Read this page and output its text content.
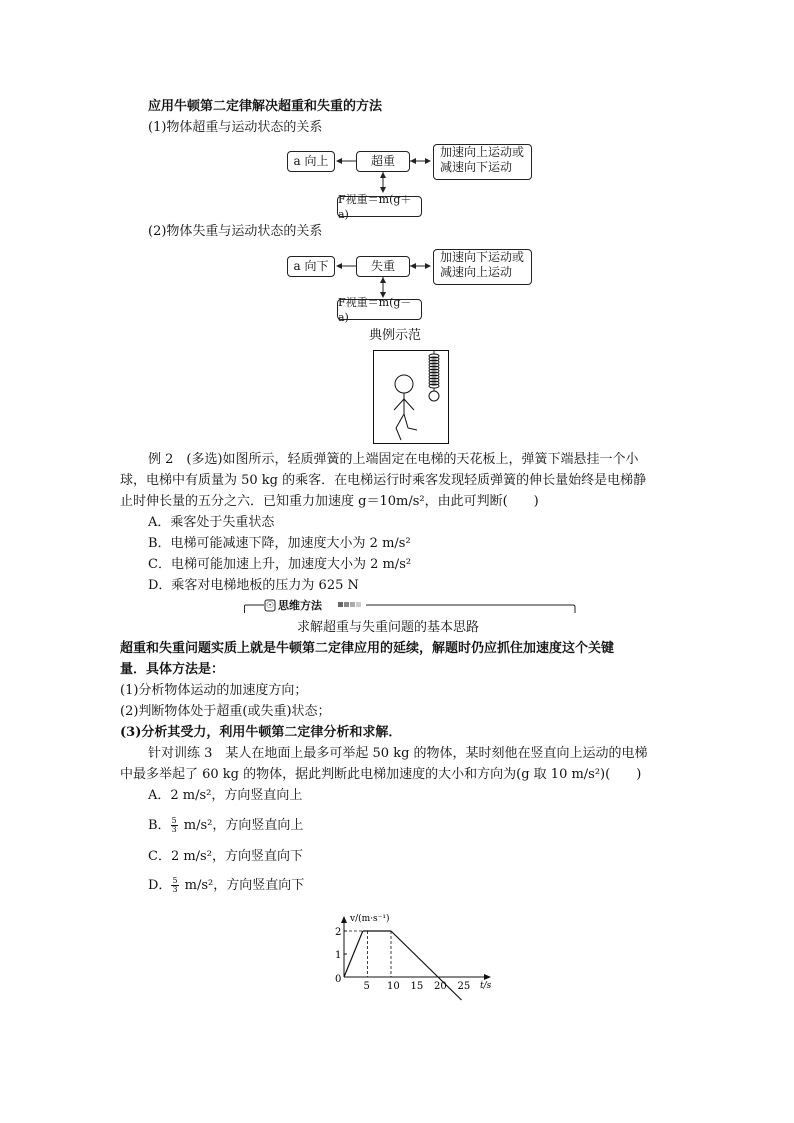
应用牛顿第二定律解决超重和失重的方法
(1)物体超重与运动状态的关系
a 向上	超重
加速向上运动或
减速向下运动
F视重＝m(g＋a)
(2)物体失重与运动状态的关系
a 向下	失重
加速向下运动或
减速向上运动
F视重＝m(g－a)
典例示范
例 2　(多选)如图所示，轻质弹簧的上端固定在电梯的天花板上，弹簧下端悬挂一个小
球，电梯中有质量为 50 kg 的乘客．在电梯运行时乘客发现轻质弹簧的伸长量始终是电梯静
止时伸长量的五分之六．已知重力加速度 g＝10m/s²，由此可判断(　　)
A．乘客处于失重状态
B．电梯可能减速下降，加速度大小为 2 m/s²
C．电梯可能加速上升，加速度大小为 2 m/s²
D．乘客对电梯地板的压力为 625 N
☉ 思维方法
求解超重与失重问题的基本思路
超重和失重问题实质上就是牛顿第二定律应用的延续，解题时仍应抓住加速度这个关键
量．具体方法是：
(1)分析物体运动的加速度方向；
(2)判断物体处于超重(或失重)状态；
(3)分析其受力，利用牛顿第二定律分析和求解．
针对训练 3　某人在地面上最多可举起 50 kg 的物体，某时刻他在竖直向上运动的电梯
中最多举起了 60 kg 的物体，据此判断此电梯加速度的大小和方向为(g 取 10 m/s²)(　　)
A．2 m/s²，方向竖直向上
B． $\frac{5}{3} m/s^2$，方向竖直向上
C．2 m/s²，方向竖直向下
D． $\frac{5}{3} m/s^2$，方向竖直向下
v/(m·s⁻¹)
t/s
0
5 10 15 20 25
1
2
